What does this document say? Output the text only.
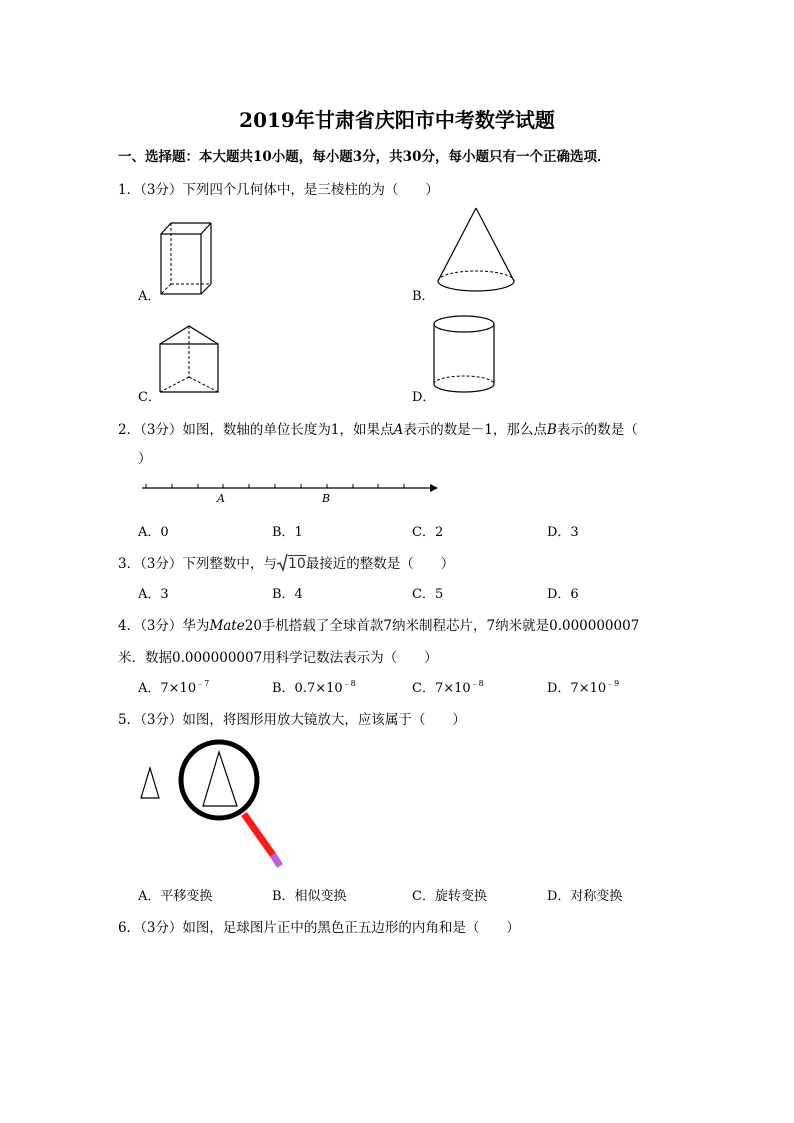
2019年甘肃省庆阳市中考数学试题
一、选择题：本大题共10小题，每小题3分，共30分，每小题只有一个正确选项．
1．（3分）下列四个几何体中，是三棱柱的为（　　）
A．	B．
C．	D．
2．（3分）如图，数轴的单位长度为1，如果点A表示的数是－1，那么点B表示的数是（
）
A	B
A．0	B．1	C．2	D．3
3．（3分）下列整数中，与 10最接近的整数是（　　）
A．3	B．4	C．5	D．6
4．（3分）华为Mate20手机搭载了全球首款7纳米制程芯片，7纳米就是0.000000007
米．数据0.000000007用科学记数法表示为（　　）
A．$7\times 10^{﹣7}$	B．$0.7\times 10^{﹣8}$	C．$7\times 10^{﹣8}$	D．$7\times 10^{﹣9}$
5．（3分）如图，将图形用放大镜放大，应该属于（　　）
A．平移变换	B．相似变换	C．旋转变换	D．对称变换
6．（3分）如图，足球图片正中的黑色正五边形的内角和是（　　）
